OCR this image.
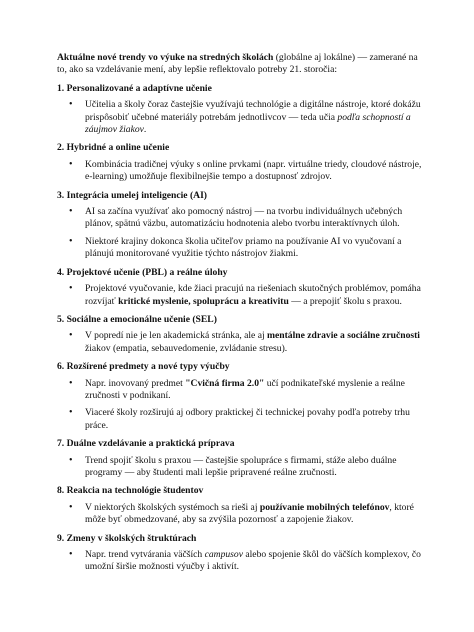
Aktuálne nové trendy vo výuke na stredných školách (globálne aj lokálne) — zamerané na to, ako sa vzdelávanie mení, aby lepšie reflektovalo potreby 21. storočia:

1. Personalizované a adaptívne učenie
• Učitelia a školy čoraz častejšie využívajú technológie a digitálne nástroje, ktoré dokážu prispôsobiť učebné materiály potrebám jednotlivcov — teda učia podľa schopností a záujmov žiakov.
2. Hybridné a online učenie
• Kombinácia tradičnej výuky s online prvkami (napr. virtuálne triedy, cloudové nástroje, e-learning) umožňuje flexibilnejšie tempo a dostupnosť zdrojov.
3. Integrácia umelej inteligencie (AI)
• AI sa začína využívať ako pomocný nástroj — na tvorbu individuálnych učebných plánov, spätnú väzbu, automatizáciu hodnotenia alebo tvorbu interaktívnych úloh.
• Niektoré krajiny dokonca školia učiteľov priamo na používanie AI vo vyučovaní a plánujú monitorované využitie týchto nástrojov žiakmi.
4. Projektové učenie (PBL) a reálne úlohy
• Projektové vyučovanie, kde žiaci pracujú na riešeniach skutočných problémov, pomáha rozvíjať kritické myslenie, spoluprácu a kreativitu — a prepojiť školu s praxou.
5. Sociálne a emocionálne učenie (SEL)
• V popredí nie je len akademická stránka, ale aj mentálne zdravie a sociálne zručnosti žiakov (empatia, sebauvedomenie, zvládanie stresu).
6. Rozšírené predmety a nové typy výučby
• Napr. inovovaný predmet "Cvičná firma 2.0" učí podnikateľské myslenie a reálne zručnosti v podnikaní.
• Viaceré školy rozširujú aj odbory praktickej či technickej povahy podľa potreby trhu práce.
7. Duálne vzdelávanie a praktická príprava
• Trend spojiť školu s praxou — častejšie spolupráce s firmami, stáže alebo duálne programy — aby študenti mali lepšie pripravené reálne zručnosti.
8. Reakcia na technológie študentov
• V niektorých školských systémoch sa rieši aj používanie mobilných telefónov, ktoré môže byť obmedzované, aby sa zvýšila pozornosť a zapojenie žiakov.
9. Zmeny v školských štruktúrach
• Napr. trend vytvárania väčších campusov alebo spojenie škôl do väčších komplexov, čo umožní širšie možnosti výučby i aktivít.
